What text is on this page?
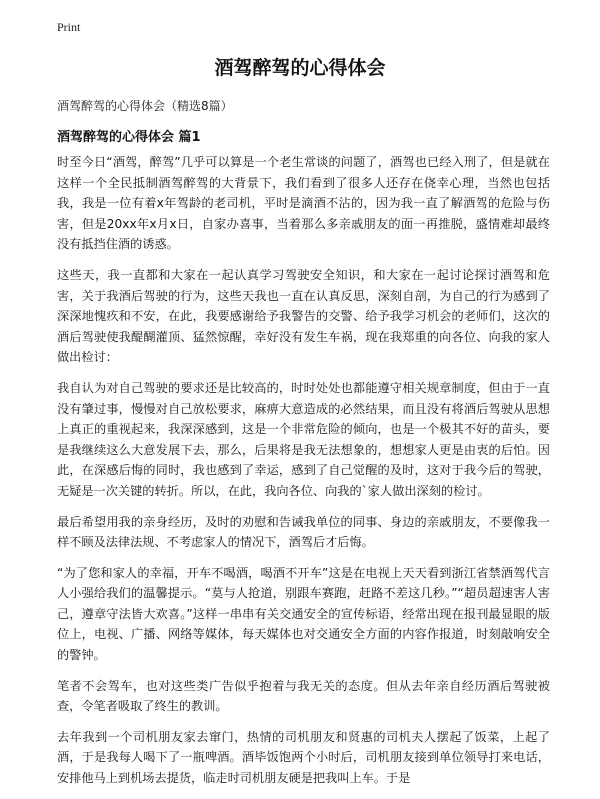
Print
酒驾醉驾的心得体会
酒驾醉驾的心得体会（精选8篇）
酒驾醉驾的心得体会 篇1

时至今日“酒驾，醉驾”几乎可以算是一个老生常谈的问题了，酒驾也已经入刑了，但是就在这样一个全民抵制酒驾醉驾的大背景下，我们看到了很多人还存在侥幸心理，当然也包括我，我是一位有着x年驾龄的老司机，平时是滴酒不沾的，因为我一直了解酒驾的危险与伤害，但是20xx年x月x日，自家办喜事，当着那么多亲戚朋友的面一再推脱，盛情难却最终没有抵挡住酒的诱惑。

这些天，我一直都和大家在一起认真学习驾驶安全知识，和大家在一起讨论探讨酒驾和危害，关于我酒后驾驶的行为，这些天我也一直在认真反思，深刻自剖，为自己的行为感到了深深地愧疚和不安，在此，我要感谢给予我警告的交警、给予我学习机会的老师们，这次的酒后驾驶使我醍醐灌顶、猛然惊醒，幸好没有发生车祸，现在我郑重的向各位、向我的家人做出检讨：

我自认为对自己驾驶的要求还是比较高的，时时处处也都能遵守相关规章制度，但由于一直没有肇过事，慢慢对自己放松要求，麻痹大意造成的必然结果，而且没有将酒后驾驶从思想上真正的重视起来，我深深感到，这是一个非常危险的倾向，也是一个极其不好的苗头，要是我继续这么大意发展下去，那么，后果将是我无法想象的，想想家人更是由衷的后怕。因此，在深感后悔的同时，我也感到了幸运，感到了自己觉醒的及时，这对于我今后的驾驶，无疑是一次关键的转折。所以，在此，我向各位、向我的`家人做出深刻的检讨。

最后希望用我的亲身经历，及时的劝慰和告诫我单位的同事、身边的亲戚朋友，不要像我一样不顾及法律法规、不考虑家人的情况下，酒驾后才后悔。

“为了您和家人的幸福，开车不喝酒，喝酒不开车”这是在电视上天天看到浙江省禁酒驾代言人小强给我们的温馨提示。“莫与人抢道，别跟车赛跑，赶路不差这几秒。”“超员超速害人害己，遵章守法皆大欢喜。”这样一串串有关交通安全的宣传标语，经常出现在报刊最显眼的版位上，电视、广播、网络等媒体，每天媒体也对交通安全方面的内容作报道，时刻敲响安全的警钟。

笔者不会驾车，也对这些类广告似乎抱着与我无关的态度。但从去年亲自经历酒后驾驶被查，令笔者吸取了终生的教训。

去年我到一个司机朋友家去窜门，热情的司机朋友和贤惠的司机夫人摆起了饭菜，上起了酒，于是我每人喝下了一瓶啤酒。酒毕饭饱两个小时后，司机朋友接到单位领导打来电话，安排他马上到机场去提货，临走时司机朋友硬是把我叫上车。于是
